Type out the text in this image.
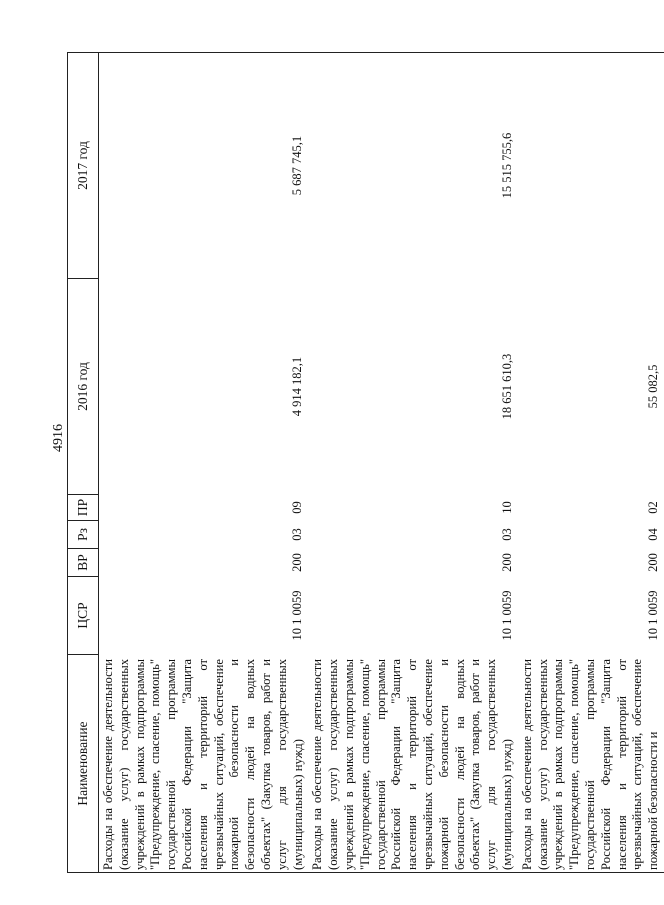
4916
Наименование	ЦСР	ВР	Рз	ПР	2016 год	2017 год
Расходы на обеспечение деятельности (оказание услуг) государственных учреждений в рамках подпрограммы "Предупреждение, спасение, помощь" государственной программы Российской Федерации "Защита населения и территорий от чрезвычайных ситуаций, обеспечение пожарной безопасности и безопасности людей на водных объектах" (Закупка товаров, работ и услуг для государственных (муниципальных) нужд)	10 1 0059	200	03	09	4 914 182,1	5 687 745,1
Расходы на обеспечение деятельности (оказание услуг) государственных учреждений в рамках подпрограммы "Предупреждение, спасение, помощь" государственной программы Российской Федерации "Защита населения и территорий от чрезвычайных ситуаций, обеспечение пожарной безопасности и безопасности людей на водных объектах" (Закупка товаров, работ и услуг для государственных (муниципальных) нужд)	10 1 0059	200	03	10	18 651 610,3	15 515 755,6
Расходы на обеспечение деятельности (оказание услуг) государственных учреждений в рамках подпрограммы "Предупреждение, спасение, помощь" государственной программы Российской Федерации "Защита населения и территорий от чрезвычайных ситуаций, обеспечение пожарной безопасности и	10 1 0059	200	04	02	55 082,5	
